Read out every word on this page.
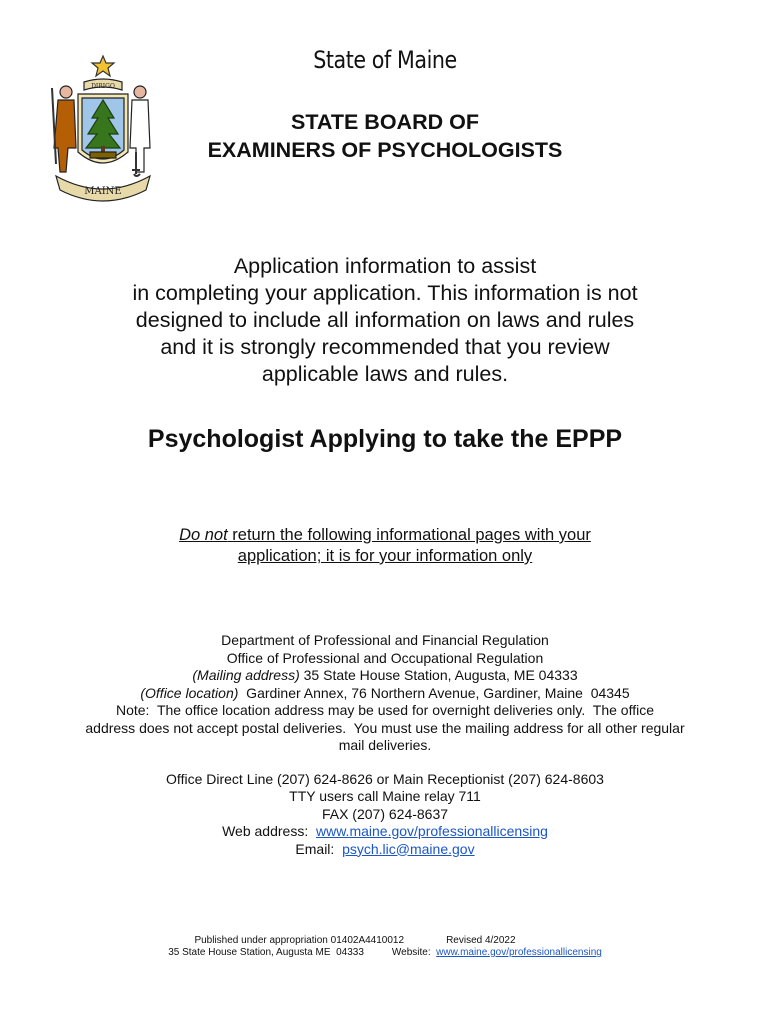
DIRIGO
MAINE
State of Maine
STATE BOARD OF
EXAMINERS OF PSYCHOLOGISTS
Application information to assist
in completing your application. This information is not
designed to include all information on laws and rules
and it is strongly recommended that you review
applicable laws and rules.
Psychologist Applying to take the EPPP
Do not return the following informational pages with your
application; it is for your information only
Department of Professional and Financial Regulation
Office of Professional and Occupational Regulation
(Mailing address) 35 State House Station, Augusta, ME 04333
(Office location)  Gardiner Annex, 76 Northern Avenue, Gardiner, Maine  04345
Note:  The office location address may be used for overnight deliveries only.  The office
address does not accept postal deliveries.  You must use the mailing address for all other regular
mail deliveries.
Office Direct Line (207) 624-8626 or Main Receptionist (207) 624-8603
TTY users call Maine relay 711
FAX (207) 624-8637
Web address:  www.maine.gov/professionallicensing
Email:  psych.lic@maine.gov
Published under appropriation 01402A4410012	Revised 4/2022
35 State House Station, Augusta ME  04333	Website:  www.maine.gov/professionallicensing
